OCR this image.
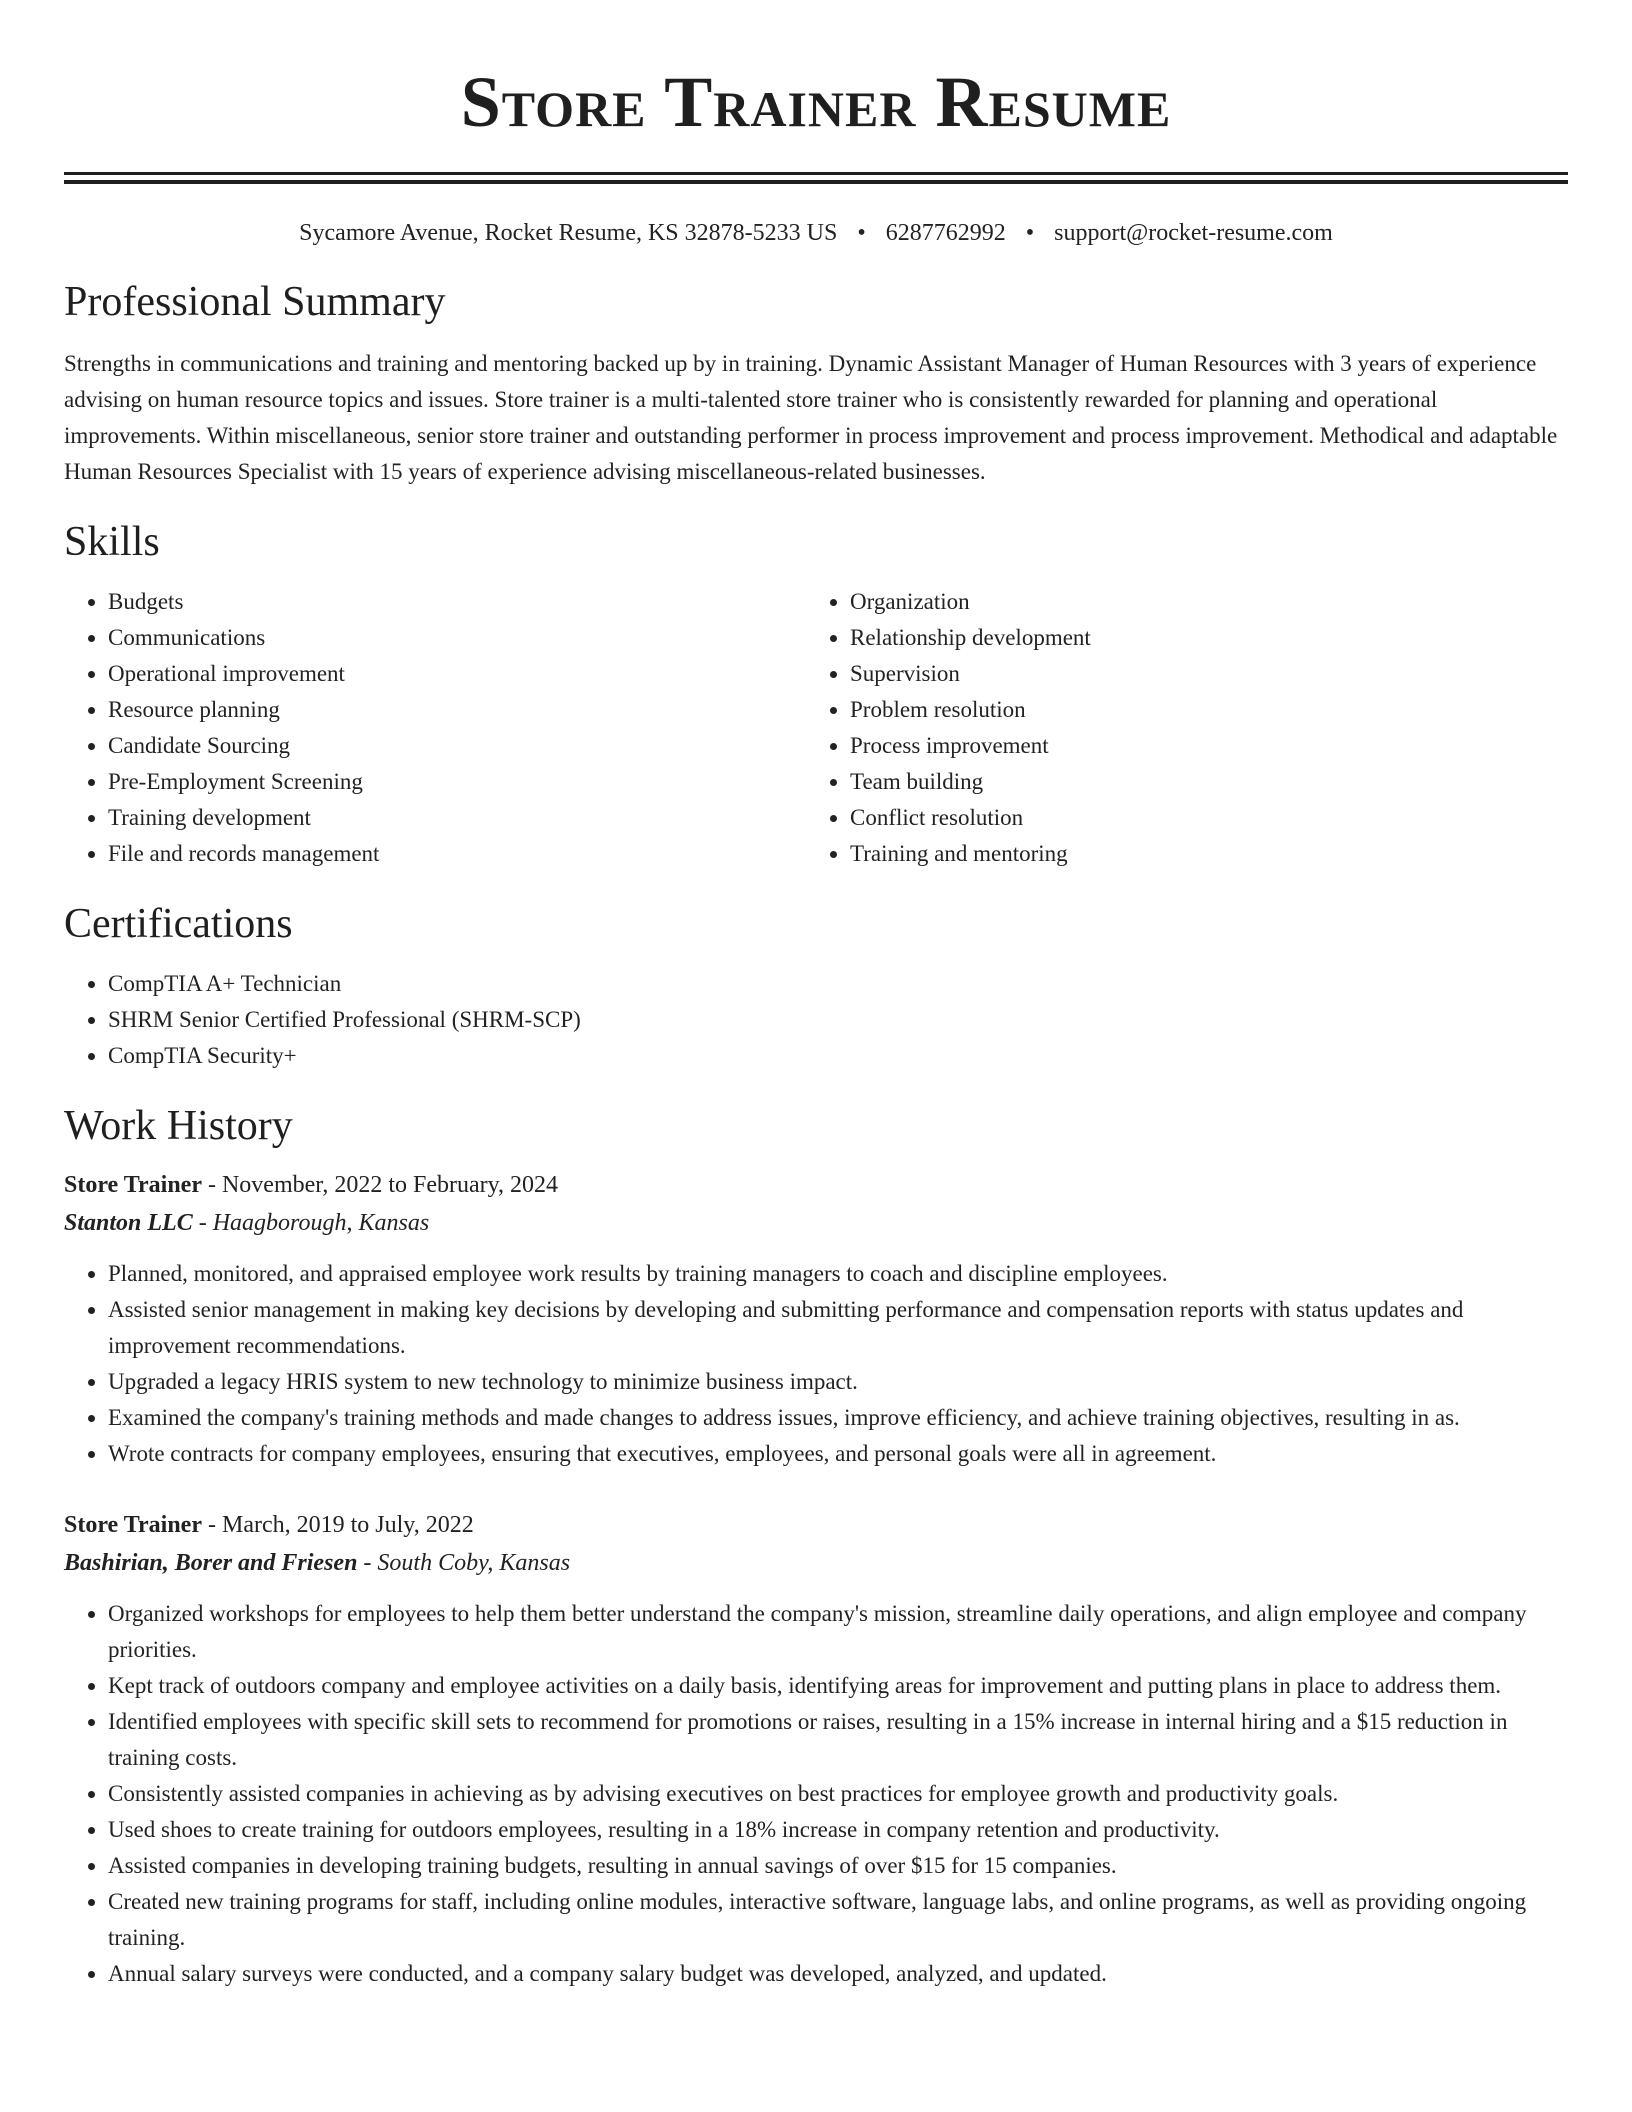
Store Trainer Resume
Sycamore Avenue, Rocket Resume, KS 32878-5233 US • 6287762992 • support@rocket-resume.com
Professional Summary

Strengths in communications and training and mentoring backed up by in training. Dynamic Assistant Manager of Human Resources with 3 years of experience advising on human resource topics and issues. Store trainer is a multi-talented store trainer who is consistently rewarded for planning and operational improvements. Within miscellaneous, senior store trainer and outstanding performer in process improvement and process improvement. Methodical and adaptable Human Resources Specialist with 15 years of experience advising miscellaneous-related businesses.

Skills
• Budgets
• Communications
• Operational improvement
• Resource planning
• Candidate Sourcing
• Pre-Employment Screening
• Training development
• File and records management
• Organization
• Relationship development
• Supervision
• Problem resolution
• Process improvement
• Team building
• Conflict resolution
• Training and mentoring
Certifications
• CompTIA A+ Technician
• SHRM Senior Certified Professional (SHRM-SCP)
• CompTIA Security+
Work History
Store Trainer - November, 2022 to February, 2024
Stanton LLC - Haagborough, Kansas
• Planned, monitored, and appraised employee work results by training managers to coach and discipline employees.
• Assisted senior management in making key decisions by developing and submitting performance and compensation reports with status updates and improvement recommendations.
• Upgraded a legacy HRIS system to new technology to minimize business impact.
• Examined the company's training methods and made changes to address issues, improve efficiency, and achieve training objectives, resulting in as.
• Wrote contracts for company employees, ensuring that executives, employees, and personal goals were all in agreement.
Store Trainer - March, 2019 to July, 2022
Bashirian, Borer and Friesen - South Coby, Kansas
• Organized workshops for employees to help them better understand the company's mission, streamline daily operations, and align employee and company priorities.
• Kept track of outdoors company and employee activities on a daily basis, identifying areas for improvement and putting plans in place to address them.
• Identified employees with specific skill sets to recommend for promotions or raises, resulting in a 15% increase in internal hiring and a $15 reduction in training costs.
• Consistently assisted companies in achieving as by advising executives on best practices for employee growth and productivity goals.
• Used shoes to create training for outdoors employees, resulting in a 18% increase in company retention and productivity.
• Assisted companies in developing training budgets, resulting in annual savings of over $15 for 15 companies.
• Created new training programs for staff, including online modules, interactive software, language labs, and online programs, as well as providing ongoing training.
• Annual salary surveys were conducted, and a company salary budget was developed, analyzed, and updated.
